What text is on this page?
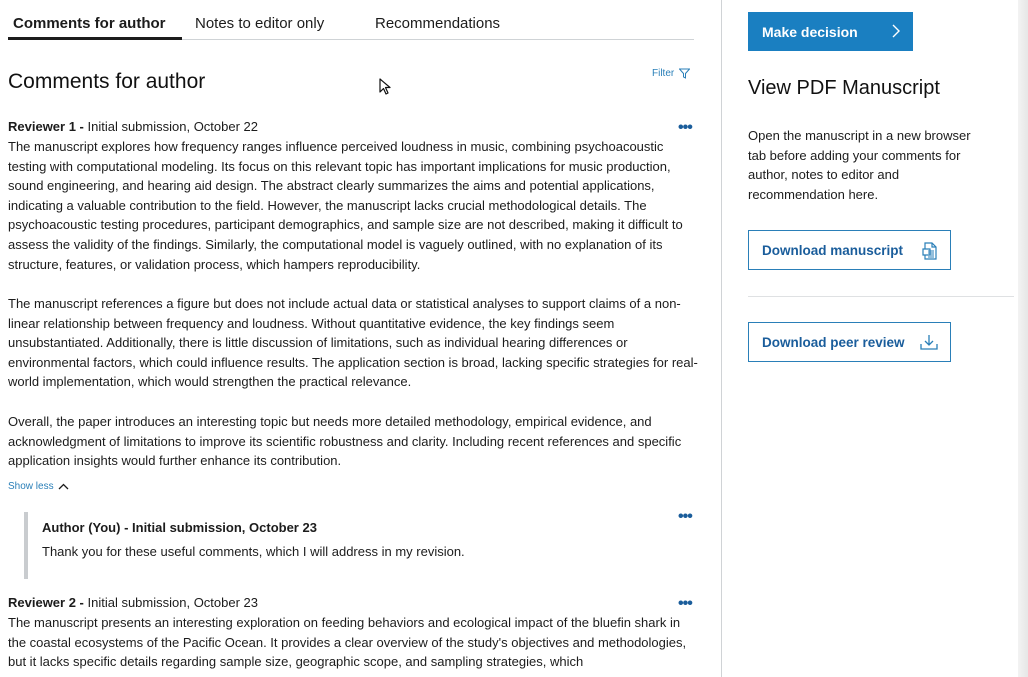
Comments for author Notes to editor only	Recommendations
Comments for author	Filter
Reviewer 1 - Initial submission, October 22	•••

The manuscript explores how frequency ranges influence perceived loudness in music, combining psychoacoustic testing with computational modeling. Its focus on this relevant topic has important implications for music production, sound engineering, and hearing aid design. The abstract clearly summarizes the aims and potential applications, indicating a valuable contribution to the field. However, the manuscript lacks crucial methodological details. The psychoacoustic testing procedures, participant demographics, and sample size are not described, making it difficult to assess the validity of the findings. Similarly, the computational model is vaguely outlined, with no explanation of its structure, features, or validation process, which hampers reproducibility.

The manuscript references a figure but does not include actual data or statistical analyses to support claims of a non-linear relationship between frequency and loudness. Without quantitative evidence, the key findings seem unsubstantiated. Additionally, there is little discussion of limitations, such as individual hearing differences or environmental factors, which could influence results. The application section is broad, lacking specific strategies for real-world implementation, which would strengthen the practical relevance.

Overall, the paper introduces an interesting topic but needs more detailed methodology, empirical evidence, and acknowledgment of limitations to improve its scientific robustness and clarity. Including recent references and specific application insights would further enhance its contribution.

Show less
Author (You) - Initial submission, October 23
Thank you for these useful comments, which I will address in my revision.
•••
Reviewer 2 - Initial submission, October 23	•••

The manuscript presents an interesting exploration on feeding behaviors and ecological impact of the bluefin shark in the coastal ecosystems of the Pacific Ocean. It provides a clear overview of the study's objectives and methodologies, but it lacks specific details regarding sample size, geographic scope, and sampling strategies, which

Make decision
View PDF Manuscript

Open the manuscript in a new browser tab before adding your comments for author, notes to editor and recommendation here.

Download manuscript
Download peer review
